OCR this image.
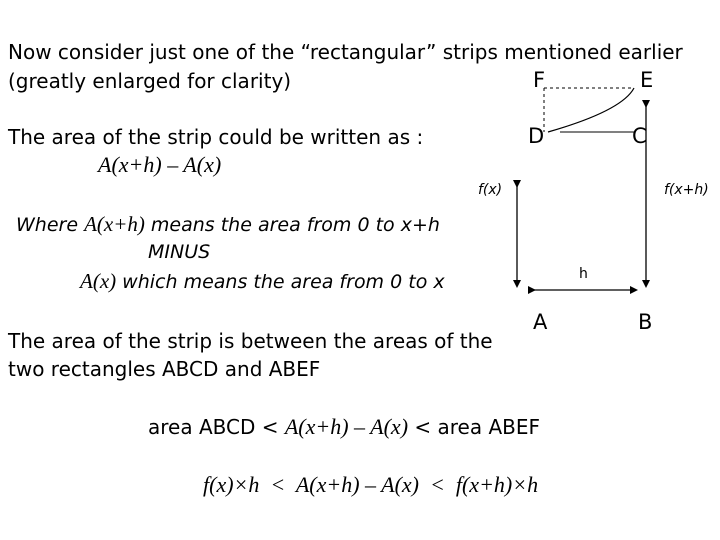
Now consider just one of the “rectangular” strips mentioned earlier
(greatly enlarged for clarity)
The area of the strip could be written as :
A(x+h) – A(x)
Where A(x+h) means the area from 0 to x+h
MINUS
A(x) which means the area from 0 to x
The area of the strip is between the areas of the
two rectangles ABCD and ABEF
area ABCD < A(x+h) – A(x) < area ABEF
f(x)×h  <  A(x+h) – A(x)  <  f(x+h)×h
F	E
D	C
f(x)	f(x+h)
h
A	B
